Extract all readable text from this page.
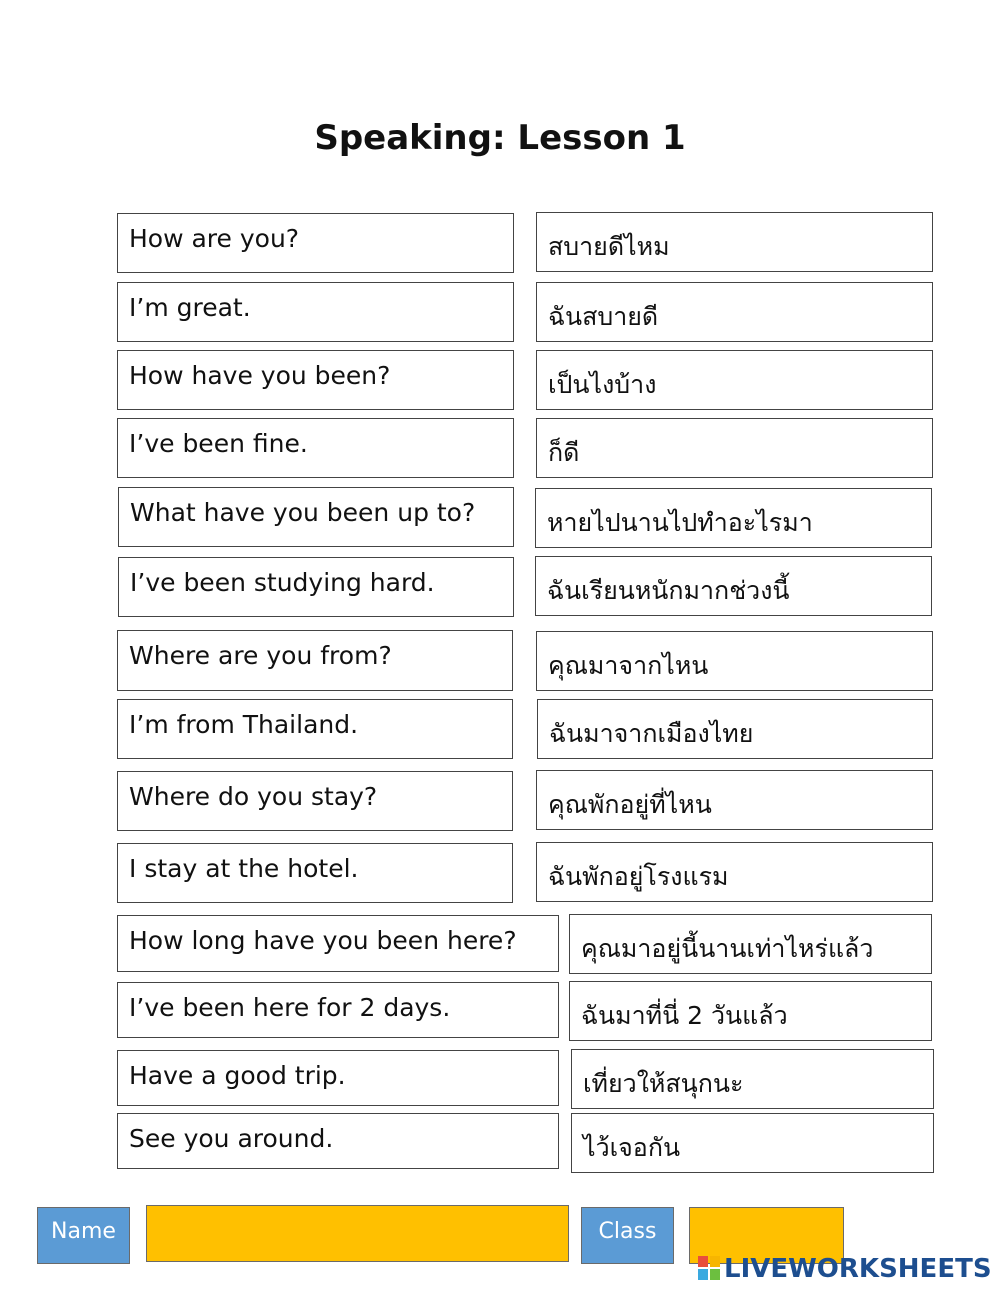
Speaking: Lesson 1
How are you?	สบายดีไหม
I’m great.	ฉันสบายดี
How have you been?	เป็นไงบ้าง
I’ve been fine.	ก็ดี
What have you been up to?	หายไปนานไปทำอะไรมา
I’ve been studying hard.	ฉันเรียนหนักมากช่วงนี้
Where are you from?	คุณมาจากไหน
I’m from Thailand.	ฉันมาจากเมืองไทย
Where do you stay?	คุณพักอยู่ที่ไหน
I stay at the hotel.	ฉันพักอยู่โรงแรม
How long have you been here?	คุณมาอยู่นี้นานเท่าไหร่แล้ว
I’ve been here for 2 days.	ฉันมาที่นี่ 2 วันแล้ว
Have a good trip.	เที่ยวให้สนุกนะ
See you around.	ไว้เจอกัน
Name	Class
LIVEWORKSHEETS
